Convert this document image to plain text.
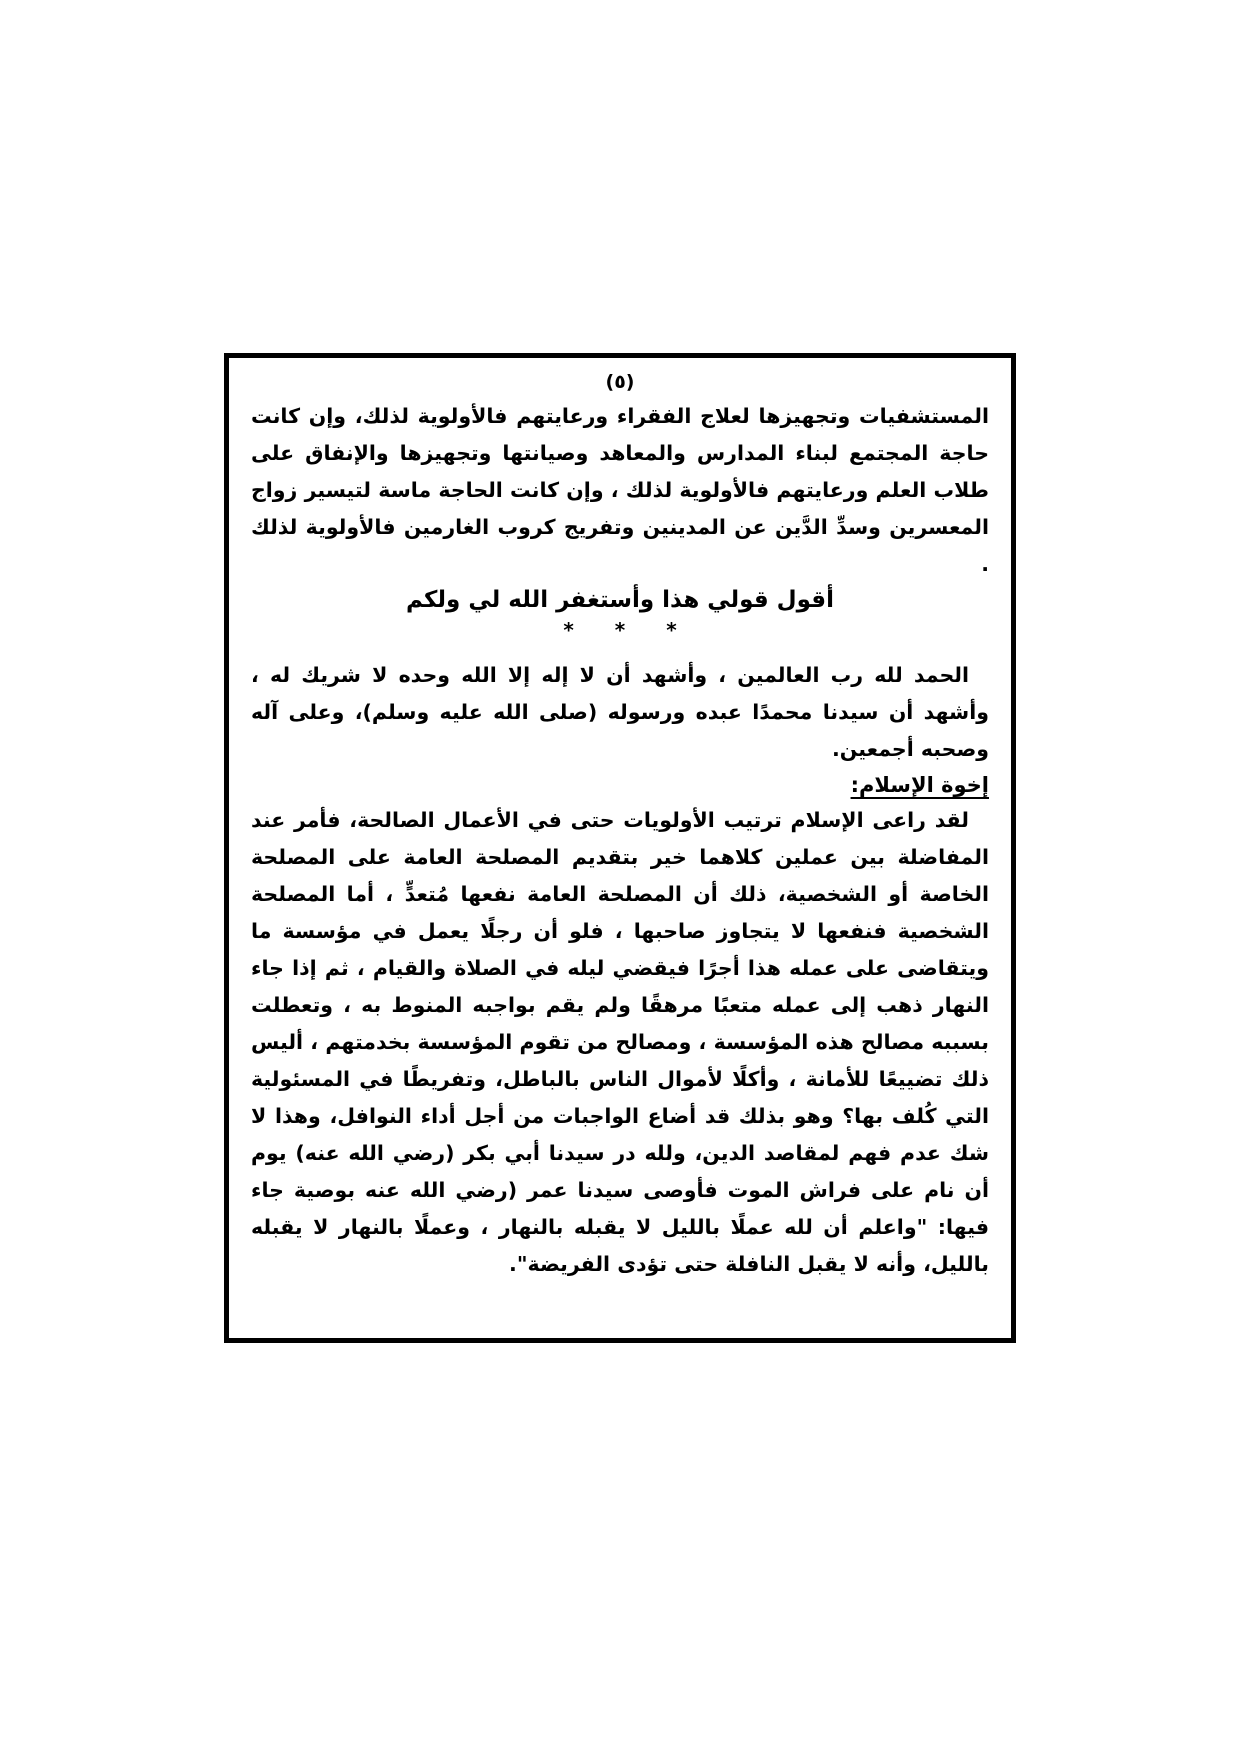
(٥)

المستشفيات وتجهيزها لعلاج الفقراء ورعايتهم فالأولوية لذلك، وإن كانت حاجة المجتمع لبناء المدارس والمعاهد وصيانتها وتجهيزها والإنفاق على طلاب العلم ورعايتهم فالأولوية لذلك ، وإن كانت الحاجة ماسة لتيسير زواج المعسرين وسدِّ الدَّين عن المدينين وتفريج كروب الغارمين فالأولوية لذلك .

أقول قولي هذا وأستغفر الله لي ولكم

* * *

الحمد لله رب العالمين ، وأشهد أن لا إله إلا الله وحده لا شريك له ، وأشهد أن سيدنا محمدًا عبده ورسوله (صلى الله عليه وسلم)، وعلى آله وصحبه أجمعين.

إخوة الإسلام:

لقد راعى الإسلام ترتيب الأولويات حتى في الأعمال الصالحة، فأمر عند المفاضلة بين عملين كلاهما خير بتقديم المصلحة العامة على المصلحة الخاصة أو الشخصية، ذلك أن المصلحة العامة نفعها مُتعدٍّ ، أما المصلحة الشخصية فنفعها لا يتجاوز صاحبها ، فلو أن رجلًا يعمل في مؤسسة ما ويتقاضى على عمله هذا أجرًا فيقضي ليله في الصلاة والقيام ، ثم إذا جاء النهار ذهب إلى عمله متعبًا مرهقًا ولم يقم بواجبه المنوط به ، وتعطلت بسببه مصالح هذه المؤسسة ، ومصالح من تقوم المؤسسة بخدمتهم ، أليس ذلك تضييعًا للأمانة ، وأكلًا لأموال الناس بالباطل، وتفريطًا في المسئولية التي كُلف بها؟ وهو بذلك قد أضاع الواجبات من أجل أداء النوافل، وهذا لا شك عدم فهم لمقاصد الدين، ولله در سيدنا أبي بكر (رضي الله عنه) يوم أن نام على فراش الموت فأوصى سيدنا عمر (رضي الله عنه بوصية جاء فيها: "واعلم أن لله عملًا بالليل لا يقبله بالنهار ، وعملًا بالنهار لا يقبله بالليل، وأنه لا يقبل النافلة حتى تؤدى الفريضة".
